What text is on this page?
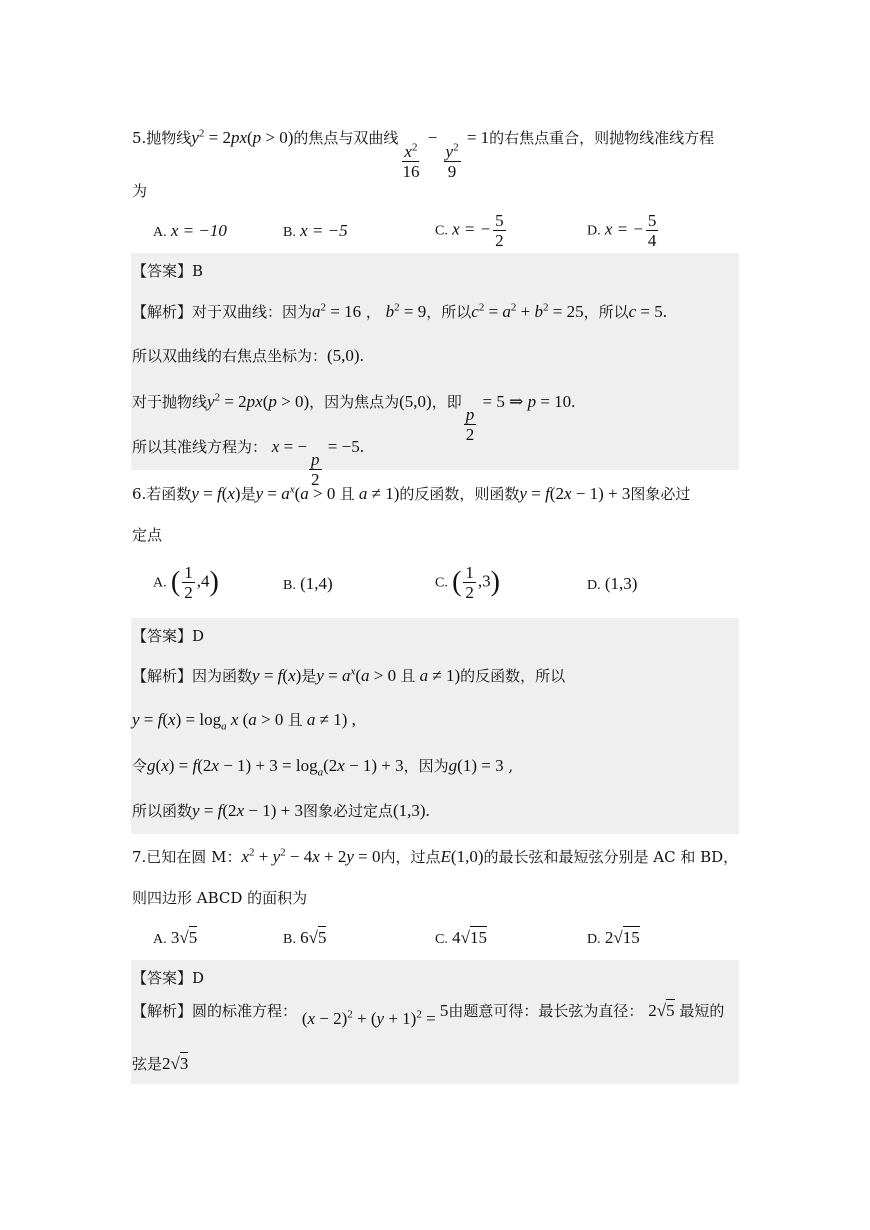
5.抛物线$y^2 = 2px(p > 0)$的焦点与双曲线
$\frac{x^2}{16}$
−
$\frac{y^2}{9}$
= 1的右焦点重合，则抛物线准线方程
为
A. x = −10	B. x = −5	C. x = − $\frac{5}{2}$	D. x = − $\frac{5}{4}$
【答案】B
【解析】对于双曲线：因为$a^2 = 16$ ， $b^2 = 9$，所以$c^2 = a^2 + b^2 = 25$，所以c = 5.
所以双曲线的右焦点坐标为：(5,0).
对于抛物线$y^2 = 2px(p > 0)$，因为焦点为(5,0)，即
$\frac{p}{2}$
= 5 ⇒ p = 10.
所以其准线方程为： x = −
$\frac{p}{2}$
= −5.
6.若函数y = f(x)是$y = a^x(a > 0$ 且 a ≠ 1)的反函数，则函数y = f(2x − 1) + 3图象必过
定点
A. ( $\frac{1}{2} ,4$)	B. (1,4)	C. ( $\frac{1}{2} ,3$)	D. (1,3)
【答案】D
【解析】因为函数y = f(x)是$y = a^x(a > 0$ 且 a ≠ 1)的反函数，所以
$y = f(x) = \log_a x$ (a > 0 且 a ≠ 1) ,
令$g(x) = f(2x - 1) + 3 = \log_a(2x - 1) + 3$，因为g(1) = 3 ,
所以函数y = f(2x − 1) + 3图象必过定点(1,3).
7.已知在圆 M：$x^2 + y^2 - 4x + 2y = 0$内，过点E(1,0)的最长弦和最短弦分别是 AC 和 BD，
则四边形 ABCD 的面积为
A. 3√5	B. 6√5	C. 4√15	D. 2√15
【答案】D
【解析】圆的标准方程： $(x - 2)^2 + (y + 1)^2 = 5$由题意可得：最长弦为直径： 2√5 最短的
弦是2√3
